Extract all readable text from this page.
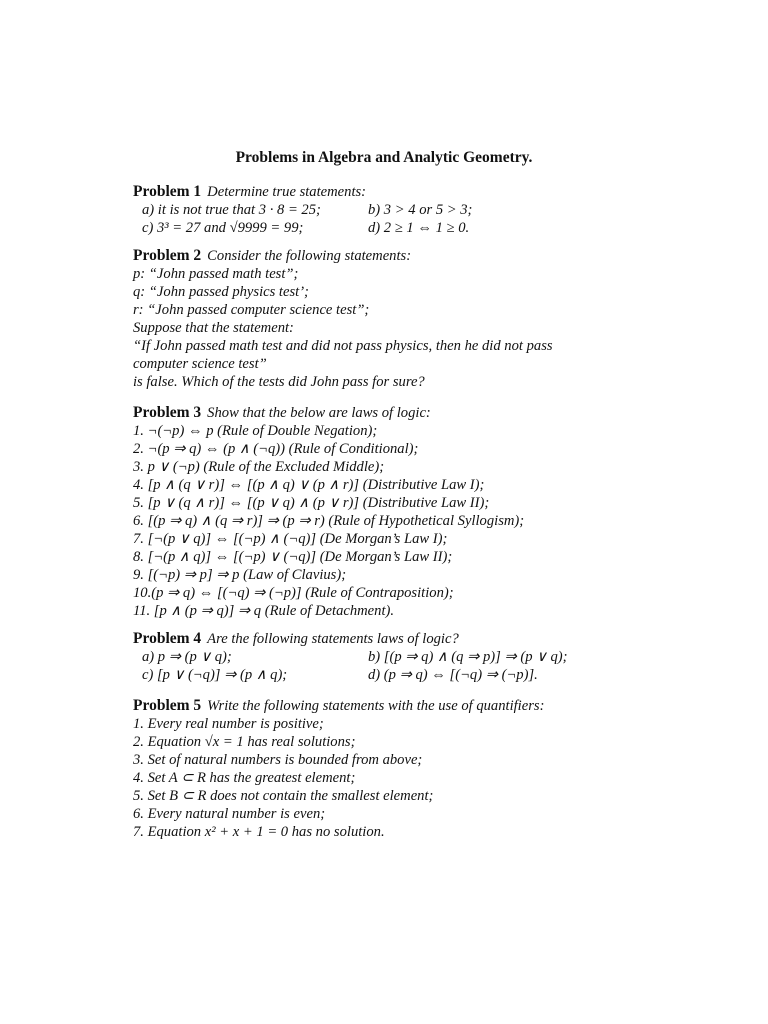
Problems in Algebra and Analytic Geometry.
Problem 1 Determine true statements:
a) it is not true that 3 · 8 = 25;	b) 3 > 4 or 5 > 3;
c) 3³ = 27 and √9999 = 99;	d) 2 ≥ 1 ⇔ 1 ≥ 0.
Problem 2 Consider the following statements:
p: “John passed math test”;
q: “John passed physics test’;
r: “John passed computer science test”;
Suppose that the statement:
“If John passed math test and did not pass physics, then he did not pass
computer science test”
is false. Which of the tests did John pass for sure?
Problem 3 Show that the below are laws of logic:
1. ¬(¬p) ⇔ p (Rule of Double Negation);
2. ¬(p ⇒ q) ⇔ (p ∧ (¬q)) (Rule of Conditional);
3. p ∨ (¬p) (Rule of the Excluded Middle);
4. [p ∧ (q ∨ r)] ⇔ [(p ∧ q) ∨ (p ∧ r)] (Distributive Law I);
5. [p ∨ (q ∧ r)] ⇔ [(p ∨ q) ∧ (p ∨ r)] (Distributive Law II);
6. [(p ⇒ q) ∧ (q ⇒ r)] ⇒ (p ⇒ r) (Rule of Hypothetical Syllogism);
7. [¬(p ∨ q)] ⇔ [(¬p) ∧ (¬q)] (De Morgan’s Law I);
8. [¬(p ∧ q)] ⇔ [(¬p) ∨ (¬q)] (De Morgan’s Law II);
9. [(¬p) ⇒ p] ⇒ p (Law of Clavius);
10.(p ⇒ q) ⇔ [(¬q) ⇒ (¬p)] (Rule of Contraposition);
11. [p ∧ (p ⇒ q)] ⇒ q (Rule of Detachment).
Problem 4 Are the following statements laws of logic?
a) p ⇒ (p ∨ q);	b) [(p ⇒ q) ∧ (q ⇒ p)] ⇒ (p ∨ q);
c) [p ∨ (¬q)] ⇒ (p ∧ q);	d) (p ⇒ q) ⇔ [(¬q) ⇒ (¬p)].
Problem 5 Write the following statements with the use of quantifiers:
1. Every real number is positive;
2. Equation √x = 1 has real solutions;
3. Set of natural numbers is bounded from above;
4. Set A ⊂ R has the greatest element;
5. Set B ⊂ R does not contain the smallest element;
6. Every natural number is even;
7. Equation x² + x + 1 = 0 has no solution.
